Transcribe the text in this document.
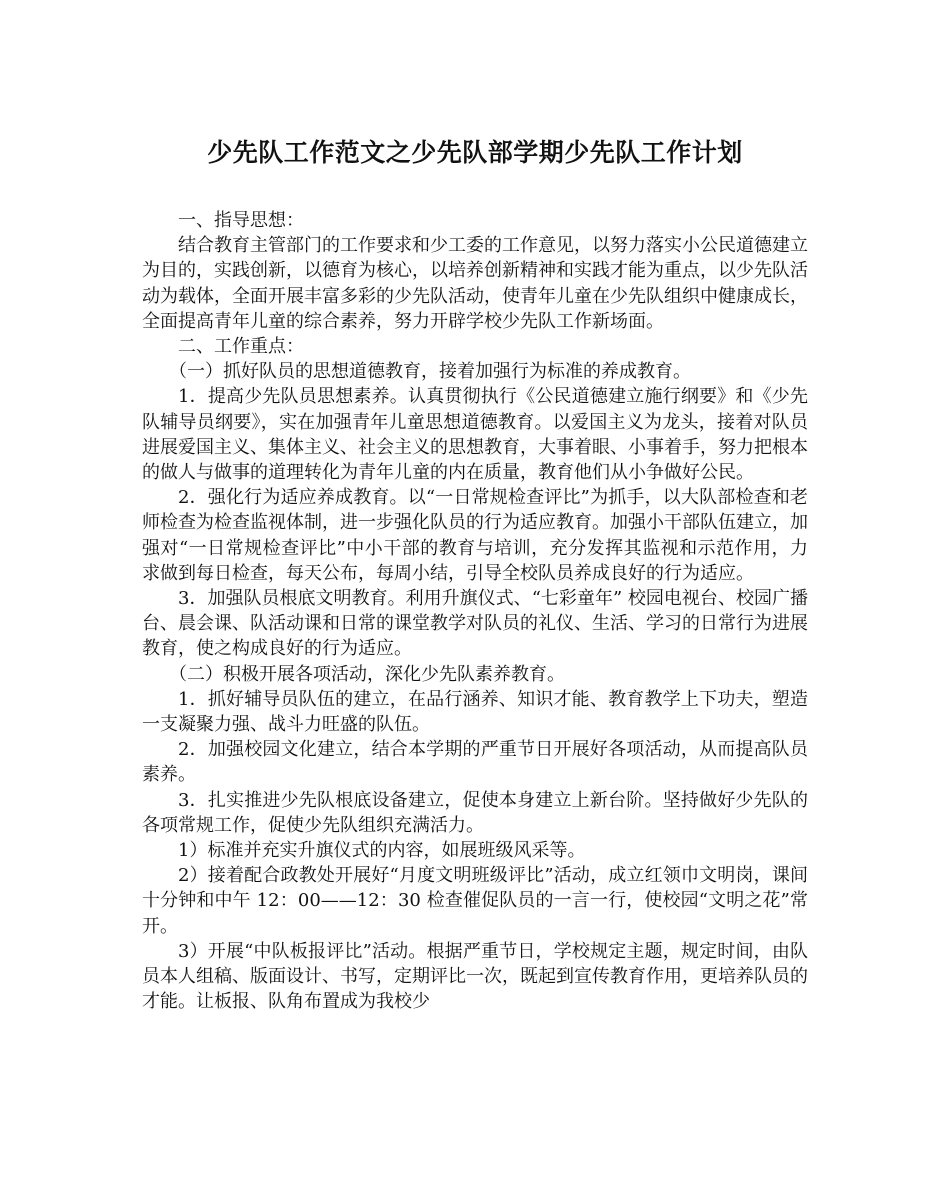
少先队工作范文之少先队部学期少先队工作计划

一、指导思想：

结合教育主管部门的工作要求和少工委的工作意见，以努力落实小公民道德建立为目的，实践创新，以德育为核心，以培养创新精神和实践才能为重点，以少先队活动为载体，全面开展丰富多彩的少先队活动，使青年儿童在少先队组织中健康成长，全面提高青年儿童的综合素养，努力开辟学校少先队工作新场面。

二、工作重点：

（一）抓好队员的思想道德教育，接着加强行为标准的养成教育。

1．提高少先队员思想素养。认真贯彻执行《公民道德建立施行纲要》和《少先队辅导员纲要》，实在加强青年儿童思想道德教育。以爱国主义为龙头，接着对队员进展爱国主义、集体主义、社会主义的思想教育，大事着眼、小事着手，努力把根本的做人与做事的道理转化为青年儿童的内在质量，教育他们从小争做好公民。

2．强化行为适应养成教育。以“一日常规检查评比”为抓手，以大队部检查和老师检查为检查监视体制，进一步强化队员的行为适应教育。加强小干部队伍建立，加强对“一日常规检查评比”中小干部的教育与培训，充分发挥其监视和示范作用，力求做到每日检查，每天公布，每周小结，引导全校队员养成良好的行为适应。

3．加强队员根底文明教育。利用升旗仪式、“七彩童年” 校园电视台、校园广播台、晨会课、队活动课和日常的课堂教学对队员的礼仪、生活、学习的日常行为进展教育，使之构成良好的行为适应。

（二）积极开展各项活动，深化少先队素养教育。

1．抓好辅导员队伍的建立，在品行涵养、知识才能、教育教学上下功夫，塑造一支凝聚力强、战斗力旺盛的队伍。

2．加强校园文化建立，结合本学期的严重节日开展好各项活动，从而提高队员素养。

3．扎实推进少先队根底设备建立，促使本身建立上新台阶。坚持做好少先队的各项常规工作，促使少先队组织充满活力。

1）标准并充实升旗仪式的内容，如展班级风采等。

2）接着配合政教处开展好“月度文明班级评比”活动，成立红领巾文明岗，课间十分钟和中午 12：00——12：30 检查催促队员的一言一行，使校园“文明之花”常开。

3）开展“中队板报评比”活动。根据严重节日，学校规定主题，规定时间，由队员本人组稿、版面设计、书写，定期评比一次，既起到宣传教育作用，更培养队员的才能。让板报、队角布置成为我校少
